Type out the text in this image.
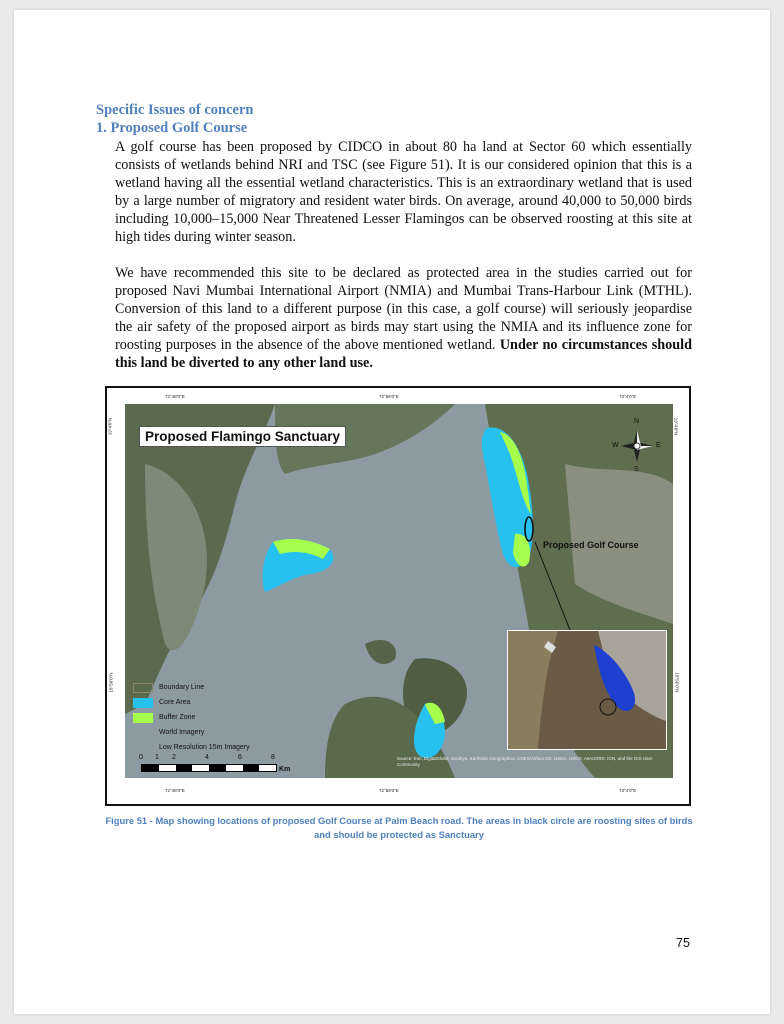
Specific Issues of concern
1. Proposed Golf Course

A golf course has been proposed by CIDCO in about 80 ha land at Sector 60 which essentially consists of wetlands behind NRI and TSC (see Figure 51). It is our considered opinion that this is a wetland having all the essential wetland characteristics. This is an extraordinary wetland that is used by a large number of migratory and resident water birds. On average, around 40,000 to 50,000 birds including 10,000–15,000 Near Threatened Lesser Flamingos can be observed roosting at this site at high tides during winter season.

We have recommended this site to be declared as protected area in the studies carried out for proposed Navi Mumbai International Airport (NMIA) and Mumbai Trans-Harbour Link (MTHL). Conversion of this land to a different purpose (in this case, a golf course) will seriously jeopardise the air safety of the proposed airport as birds may start using the NMIA and its influence zone for roosting purposes in the absence of the above mentioned wetland. Under no circumstances should this land be diverted to any other land use.

72°48'0"E	72°56'0"E	73°4'0"E
72°48'0"E	72°56'0"E	73°4'0"E
19°4'0"N
18°56'0"N
19°4'0"N
18°56'0"N
N
S
E
W
Proposed Flamingo Sanctuary
Proposed Golf Course
Boundary Line
Core Area
Buffer Zone
World Imagery
Low Resolution 15m Imagery
0 1 2	4	6	8
Km
Source: Esri, DigitalGlobe, GeoEye, Earthstar Geographics, CNES/Airbus DS, USDA, USGS, AeroGRID, IGN, and the GIS User Community
Figure 51 - Map showing locations of proposed Golf Course at Palm Beach road. The areas in black circle are roosting sites of birds and should be protected as Sanctuary
75
